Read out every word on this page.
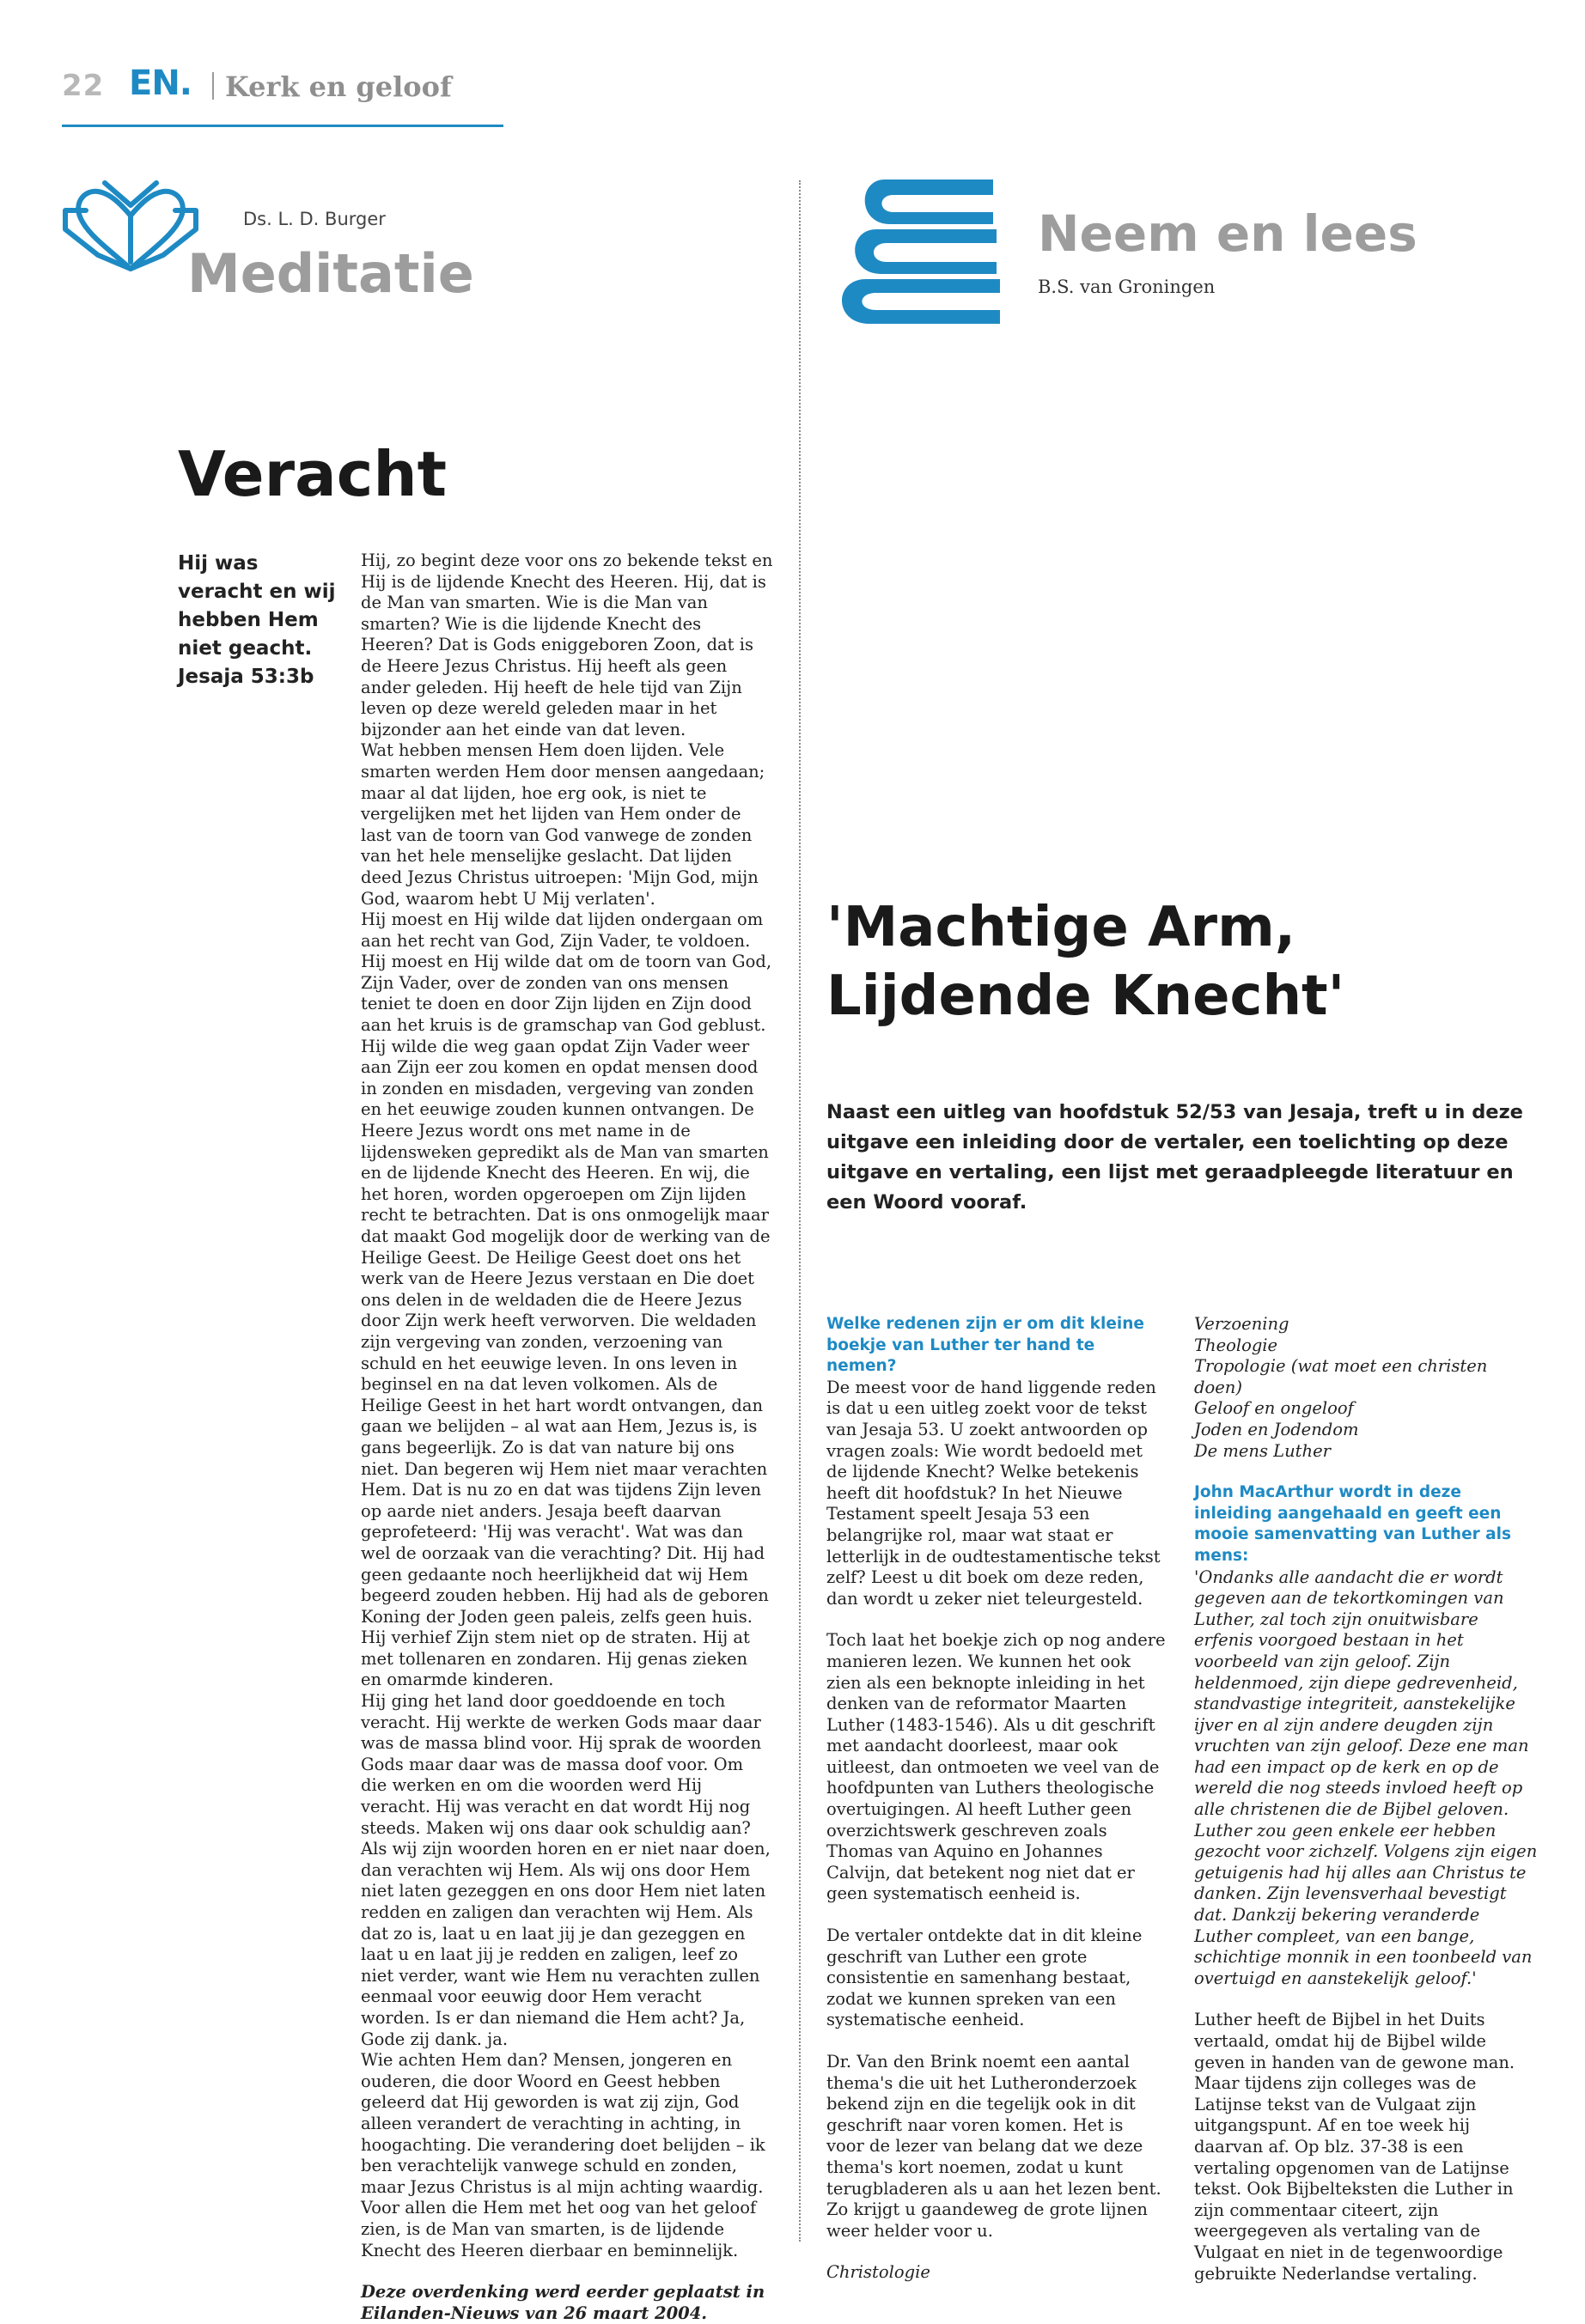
22 EN. Kerk en geloof
Ds. L. D. Burger
Meditatie
Veracht
Hij was
veracht en wij
hebben Hem
niet geacht.
Jesaja 53:3b

Hij, zo begint deze voor ons zo bekende tekst en Hij is de lijdende Knecht des Heeren. Hij, dat is de Man van smarten. Wie is die Man van smarten? Wie is die lijdende Knecht des Heeren? Dat is Gods eniggeboren Zoon, dat is de Heere Jezus Christus. Hij heeft als geen ander geleden. Hij heeft de hele tijd van Zijn leven op deze wereld geleden maar in het bijzonder aan het einde van dat leven.

Wat hebben mensen Hem doen lijden. Vele smarten werden Hem door mensen aangedaan; maar al dat lijden, hoe erg ook, is niet te vergelijken met het lijden van Hem onder de last van de toorn van God vanwege de zonden van het hele menselijke geslacht. Dat lijden deed Jezus Christus uitroepen: 'Mijn God, mijn God, waarom hebt U Mij verlaten'.

Hij moest en Hij wilde dat lijden ondergaan om aan het recht van God, Zijn Vader, te voldoen.

Hij moest en Hij wilde dat om de toorn van God, Zijn Vader, over de zonden van ons mensen teniet te doen en door Zijn lijden en Zijn dood aan het kruis is de gramschap van God geblust. Hij wilde die weg gaan opdat Zijn Vader weer aan Zijn eer zou komen en opdat mensen dood in zonden en misdaden, vergeving van zonden en het eeuwige zouden kunnen ontvangen. De Heere Jezus wordt ons met name in de lijdensweken gepredikt als de Man van smarten en de lijdende Knecht des Heeren. En wij, die het horen, worden opgeroepen om Zijn lijden recht te betrachten. Dat is ons onmogelijk maar dat maakt God mogelijk door de werking van de Heilige Geest. De Heilige Geest doet ons het werk van de Heere Jezus verstaan en Die doet ons delen in de weldaden die de Heere Jezus door Zijn werk heeft verworven. Die weldaden zijn vergeving van zonden, verzoening van schuld en het eeuwige leven. In ons leven in beginsel en na dat leven volkomen. Als de Heilige Geest in het hart wordt ontvangen, dan gaan we belijden – al wat aan Hem, Jezus is, is gans begeerlijk. Zo is dat van nature bij ons niet. Dan begeren wij Hem niet maar verachten Hem. Dat is nu zo en dat was tijdens Zijn leven op aarde niet anders. Jesaja beeft daarvan geprofeteerd: 'Hij was veracht'. Wat was dan wel de oorzaak van die verachting? Dit. Hij had geen gedaante noch heerlijkheid dat wij Hem begeerd zouden hebben. Hij had als de geboren Koning der Joden geen paleis, zelfs geen huis. Hij verhief Zijn stem niet op de straten. Hij at met tollenaren en zondaren. Hij genas zieken en omarmde kinderen.

Hij ging het land door goeddoende en toch veracht. Hij werkte de werken Gods maar daar was de massa blind voor. Hij sprak de woorden Gods maar daar was de massa doof voor. Om die werken en om die woorden werd Hij veracht. Hij was veracht en dat wordt Hij nog steeds. Maken wij ons daar ook schuldig aan? Als wij zijn woorden horen en er niet naar doen, dan verachten wij Hem. Als wij ons door Hem niet laten gezeggen en ons door Hem niet laten redden en zaligen dan verachten wij Hem. Als dat zo is, laat u en laat jij je dan gezeggen en laat u en laat jij je redden en zaligen, leef zo niet verder, want wie Hem nu verachten zullen eenmaal voor eeuwig door Hem veracht worden. Is er dan niemand die Hem acht? Ja, Gode zij dank. ja.

Wie achten Hem dan? Mensen, jongeren en ouderen, die door Woord en Geest hebben geleerd dat Hij geworden is wat zij zijn, God alleen verandert de verachting in achting, in hoogachting. Die verandering doet belijden – ik ben verachtelijk vanwege schuld en zonden, maar Jezus Christus is al mijn achting waardig. Voor allen die Hem met het oog van het geloof zien, is de Man van smarten, is de lijdende Knecht des Heeren dierbaar en beminnelijk.

Deze overdenking werd eerder geplaatst in Eilanden-Nieuws van 26 maart 2004.

Neem en lees
B.S. van Groningen
'Machtige Arm,
Lijdende Knecht'
Naast een uitleg van hoofdstuk 52/53 van Jesaja, treft u in deze uitgave een inleiding door de vertaler, een toelichting op deze uitgave en vertaling, een lijst met geraadpleegde literatuur en een Woord vooraf.

Welke redenen zijn er om dit kleine boekje van Luther ter hand te nemen?

De meest voor de hand liggende reden is dat u een uitleg zoekt voor de tekst van Jesaja 53. U zoekt antwoorden op vragen zoals: Wie wordt bedoeld met de lijdende Knecht? Welke betekenis heeft dit hoofdstuk? In het Nieuwe Testament speelt Jesaja 53 een belangrijke rol, maar wat staat er letterlijk in de oudtestamentische tekst zelf? Leest u dit boek om deze reden, dan wordt u zeker niet teleurgesteld.

Toch laat het boekje zich op nog andere manieren lezen. We kunnen het ook zien als een beknopte inleiding in het denken van de reformator Maarten Luther (1483-1546). Als u dit geschrift met aandacht doorleest, maar ook uitleest, dan ontmoeten we veel van de hoofdpunten van Luthers theologische overtuigingen. Al heeft Luther geen overzichtswerk geschreven zoals Thomas van Aquino en Johannes Calvijn, dat betekent nog niet dat er geen systematisch eenheid is.

De vertaler ontdekte dat in dit kleine geschrift van Luther een grote consistentie en samenhang bestaat, zodat we kunnen spreken van een systematische eenheid.

Dr. Van den Brink noemt een aantal thema's die uit het Lutheronderzoek bekend zijn en die tegelijk ook in dit geschrift naar voren komen. Het is voor de lezer van belang dat we deze thema's kort noemen, zodat u kunt terugbladeren als u aan het lezen bent. Zo krijgt u gaandeweg de grote lijnen weer helder voor u.

Christologie

Verzoening

Theologie

Tropologie (wat moet een christen doen)

Geloof en ongeloof

Joden en Jodendom

De mens Luther

John MacArthur wordt in deze inleiding aangehaald en geeft een mooie samenvatting van Luther als mens:

'Ondanks alle aandacht die er wordt gegeven aan de tekortkomingen van Luther, zal toch zijn onuitwisbare erfenis voorgoed bestaan in het voorbeeld van zijn geloof. Zijn heldenmoed, zijn diepe gedrevenheid, standvastige integriteit, aanstekelijke ijver en al zijn andere deugden zijn vruchten van zijn geloof. Deze ene man had een impact op de kerk en op de wereld die nog steeds invloed heeft op alle christenen die de Bijbel geloven. Luther zou geen enkele eer hebben gezocht voor zichzelf. Volgens zijn eigen getuigenis had hij alles aan Christus te danken. Zijn levensverhaal bevestigt dat. Dankzij bekering veranderde Luther compleet, van een bange, schichtige monnik in een toonbeeld van overtuigd en aanstekelijk geloof.'

Luther heeft de Bijbel in het Duits vertaald, omdat hij de Bijbel wilde geven in handen van de gewone man. Maar tijdens zijn colleges was de Latijnse tekst van de Vulgaat zijn uitgangspunt. Af en toe week hij daarvan af. Op blz. 37-38 is een vertaling opgenomen van de Latijnse tekst. Ook Bijbelteksten die Luther in zijn commentaar citeert, zijn weergegeven als vertaling van de Vulgaat en niet in de tegenwoordige gebruikte Nederlandse vertaling.
